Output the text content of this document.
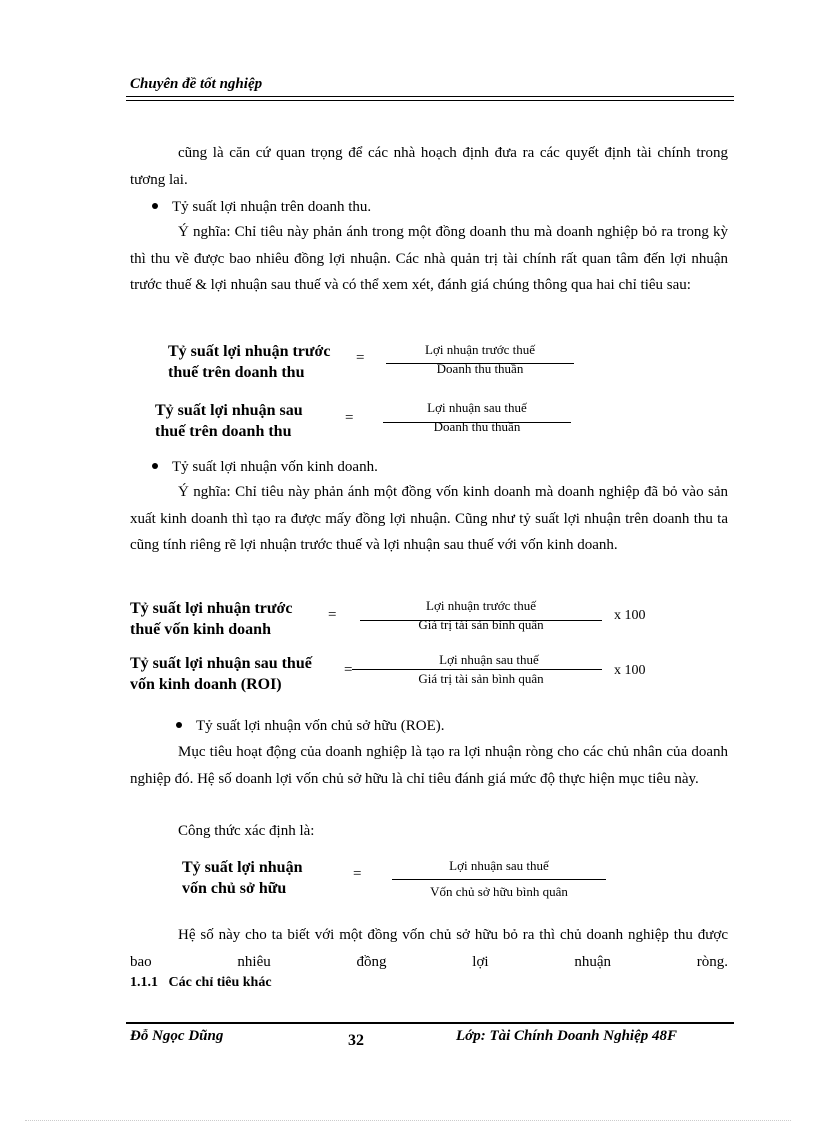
Chuyên đề tốt nghiệp
cũng là căn cứ quan trọng để các nhà hoạch định đưa ra các quyết định tài chính trong tương lai.
Tỷ suất lợi nhuận trên doanh thu.
Ý nghĩa: Chỉ tiêu này phản ánh trong một đồng doanh thu mà doanh nghiệp bỏ ra trong kỳ thì thu về được bao nhiêu đồng lợi nhuận. Các nhà quản trị tài chính rất quan tâm đến lợi nhuận trước thuế & lợi nhuận sau thuế và có thể xem xét, đánh giá chúng thông qua hai chỉ tiêu sau:
Tỷ suất lợi nhuận trước
thuế trên doanh thu
=
Lợi nhuận trước thuế
Doanh thu thuần
Tỷ suất lợi nhuận sau
thuế trên doanh thu
=
Lợi nhuận sau thuế
Doanh thu thuần
Tỷ suất lợi nhuận vốn kinh doanh.
Ý nghĩa: Chỉ tiêu này phản ánh một đồng vốn kinh doanh mà doanh nghiệp đã bỏ vào sản xuất kinh doanh thì tạo ra được mấy đồng lợi nhuận. Cũng như tỷ suất lợi nhuận trên doanh thu ta cũng tính riêng rẽ lợi nhuận trước thuế và lợi nhuận sau thuế với vốn kinh doanh.
Tỷ suất lợi nhuận trước
thuế vốn kinh doanh
=
Lợi nhuận trước thuế
Giá trị tài sản bình quân
x 100
Tỷ suất lợi nhuận sau thuế
vốn kinh doanh (ROI)
=
Lợi nhuận sau thuế
Giá trị tài sản bình quân
x 100
Tỷ suất lợi nhuận vốn chủ sở hữu (ROE).
Mục tiêu hoạt động của doanh nghiệp là tạo ra lợi nhuận ròng cho các chủ nhân của doanh nghiệp đó. Hệ số doanh lợi vốn chủ sở hữu là chỉ tiêu đánh giá mức độ thực hiện mục tiêu này.
Công thức xác định là:
Tỷ suất lợi nhuận
vốn chủ sở hữu
=
Lợi nhuận sau thuế
Vốn chủ sở hữu bình quân
Hệ số này cho ta biết với một đồng vốn chủ sở hữu bỏ ra thì chủ doanh nghiệp thu được bao nhiêu đồng lợi nhuận ròng.
1.1.1 Các chỉ tiêu khác
Đỗ Ngọc Dũng	32	Lớp: Tài Chính Doanh Nghiệp 48F
